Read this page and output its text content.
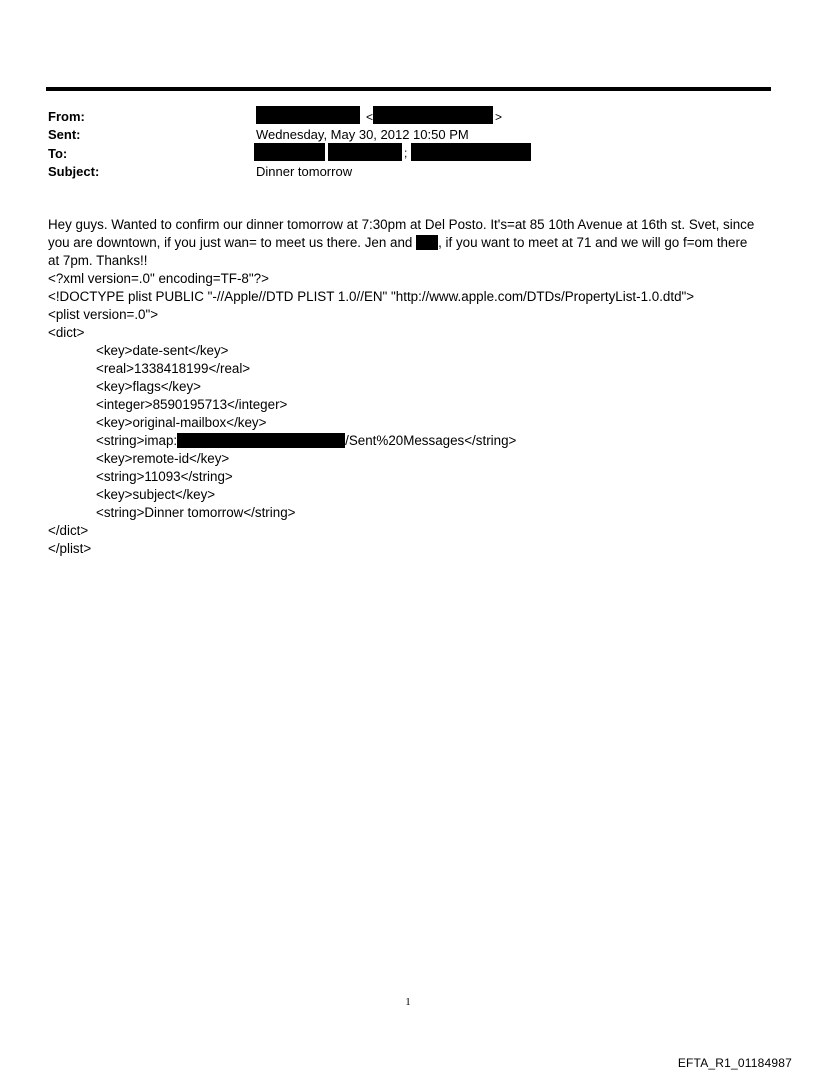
From:
Sent:
To:
Subject:
<	>
Wednesday, May 30, 2012 10:50 PM
;
Dinner tomorrow
Hey guys. Wanted to confirm our dinner tomorrow at 7:30pm at Del Posto. It's=at 85 10th Avenue at 16th st. Svet, since
you are downtown, if you just wan= to meet us there. Jen and , if you want to meet at 71 and we will go f=om there
at 7pm. Thanks!!
<?xml version=.0" encoding=TF-8"?>
<!DOCTYPE plist PUBLIC "-//Apple//DTD PLIST 1.0//EN" "http://www.apple.com/DTDs/PropertyList-1.0.dtd">
<plist version=.0">
<dict>
<key>date-sent</key>
<real>1338418199</real>
<key>flags</key>
<integer>8590195713</integer>
<key>original-mailbox</key>
<string>imap:	/Sent%20Messages</string>
<key>remote-id</key>
<string>11093</string>
<key>subject</key>
<string>Dinner tomorrow</string>
</dict>
</plist>
1
EFTA_R1_01184987
